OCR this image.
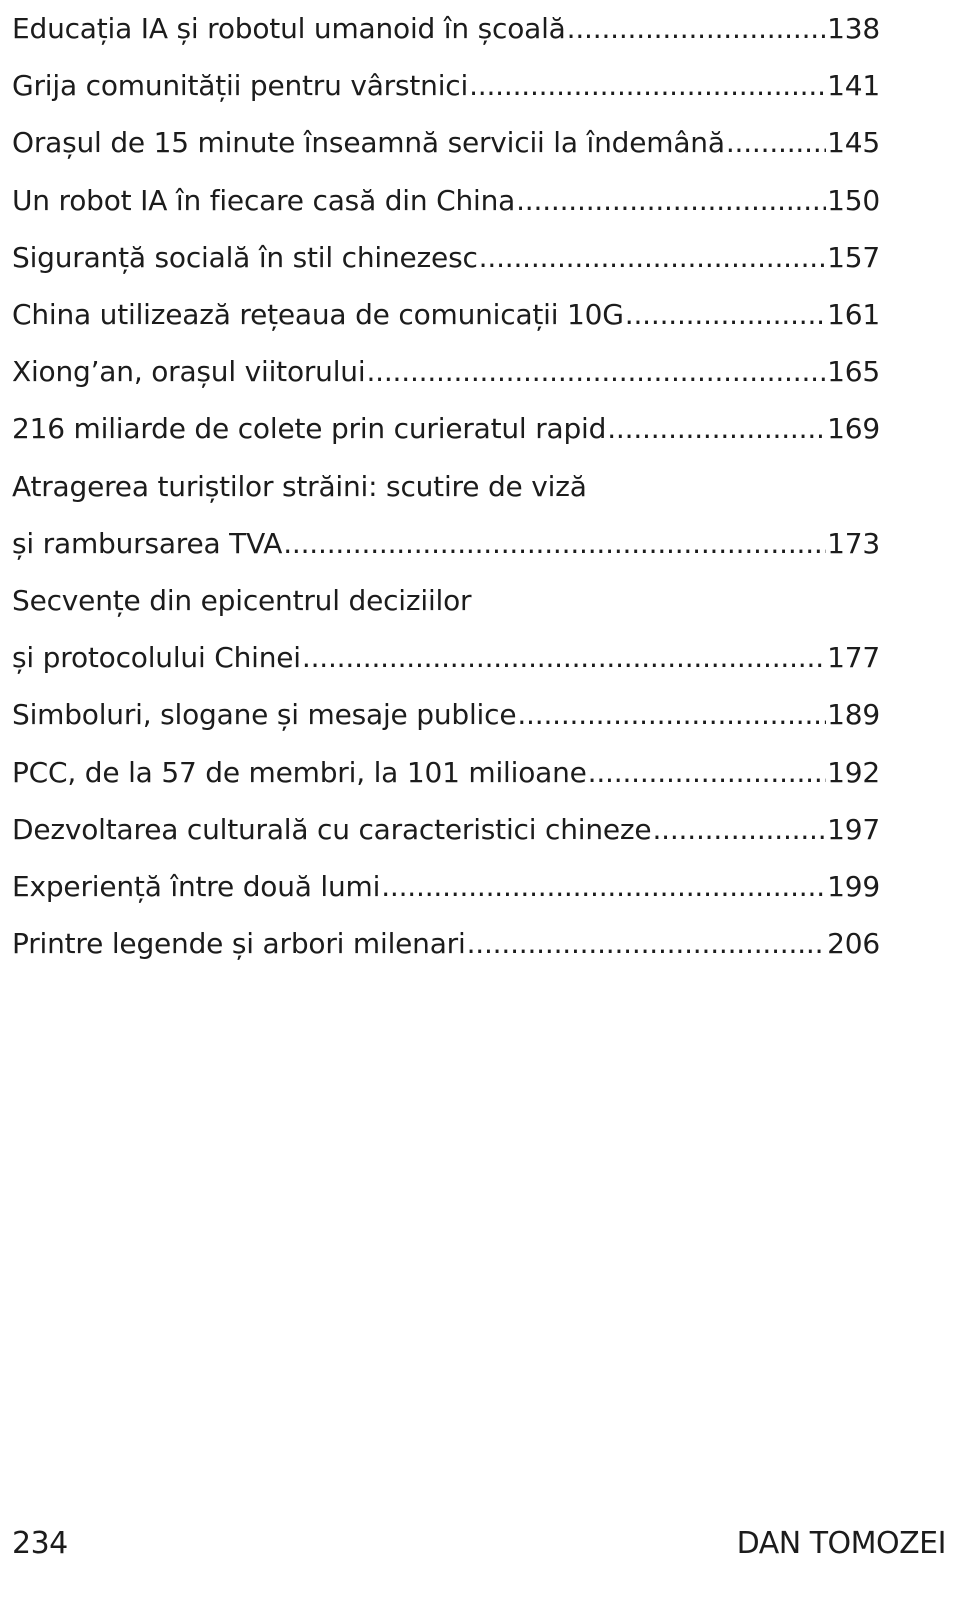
Educația IA și robotul umanoid în școală .....	138
Grija comunității pentru vârstnici .....	141
Orașul de 15 minute înseamnă servicii la îndemână .....	145
Un robot IA în fiecare casă din China .....	150
Siguranță socială în stil chinezesc .....	157
China utilizează rețeaua de comunicații 10G .....	161
Xiong’an, orașul viitorului .....	165
216 miliarde de colete prin curieratul rapid .....	169
Atragerea turiștilor străini: scutire de viză
și rambursarea TVA .....	173
Secvențe din epicentrul deciziilor
și protocolului Chinei .....	177
Simboluri, slogane și mesaje publice .....	189
PCC, de la 57 de membri, la 101 milioane .....	192
Dezvoltarea culturală cu caracteristici chineze .....	197
Experiență între două lumi .....	199
Printre legende și arbori milenari .....	206
234	DAN TOMOZEI
